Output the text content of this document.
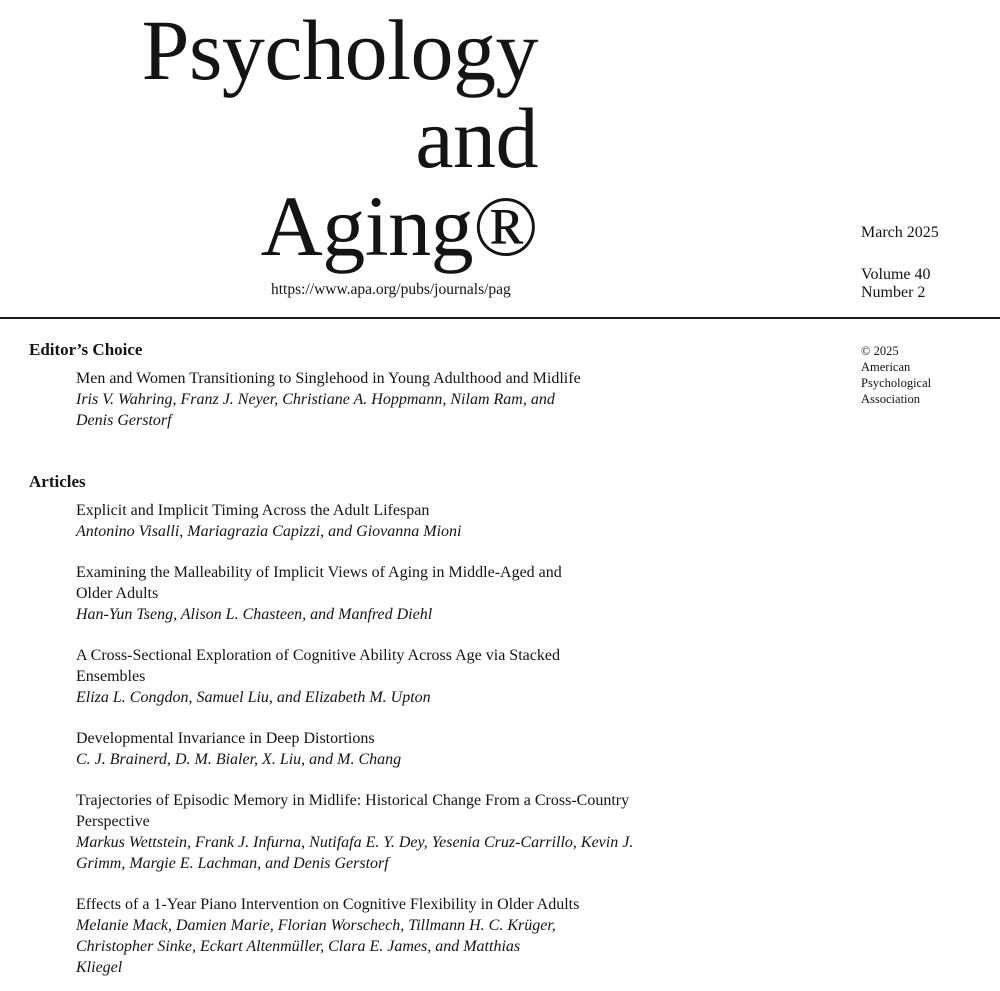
Psychology
and
Aging®
https://www.apa.org/pubs/journals/pag
March 2025
Volume 40
Number 2
© 2025
American
Psychological
Association
Editor’s Choice
Men and Women Transitioning to Singlehood in Young Adulthood and Midlife
Iris V. Wahring, Franz J. Neyer, Christiane A. Hoppmann, Nilam Ram, and
Denis Gerstorf
Articles
Explicit and Implicit Timing Across the Adult Lifespan
Antonino Visalli, Mariagrazia Capizzi, and Giovanna Mioni
Examining the Malleability of Implicit Views of Aging in Middle-Aged and
Older Adults
Han-Yun Tseng, Alison L. Chasteen, and Manfred Diehl
A Cross-Sectional Exploration of Cognitive Ability Across Age via Stacked
Ensembles
Eliza L. Congdon, Samuel Liu, and Elizabeth M. Upton
Developmental Invariance in Deep Distortions
C. J. Brainerd, D. M. Bialer, X. Liu, and M. Chang
Trajectories of Episodic Memory in Midlife: Historical Change From a Cross-Country
Perspective
Markus Wettstein, Frank J. Infurna, Nutifafa E. Y. Dey, Yesenia Cruz-Carrillo, Kevin J.
Grimm, Margie E. Lachman, and Denis Gerstorf
Effects of a 1-Year Piano Intervention on Cognitive Flexibility in Older Adults
Melanie Mack, Damien Marie, Florian Worschech, Tillmann H. C. Krüger,
Christopher Sinke, Eckart Altenmüller, Clara E. James, and Matthias
Kliegel
